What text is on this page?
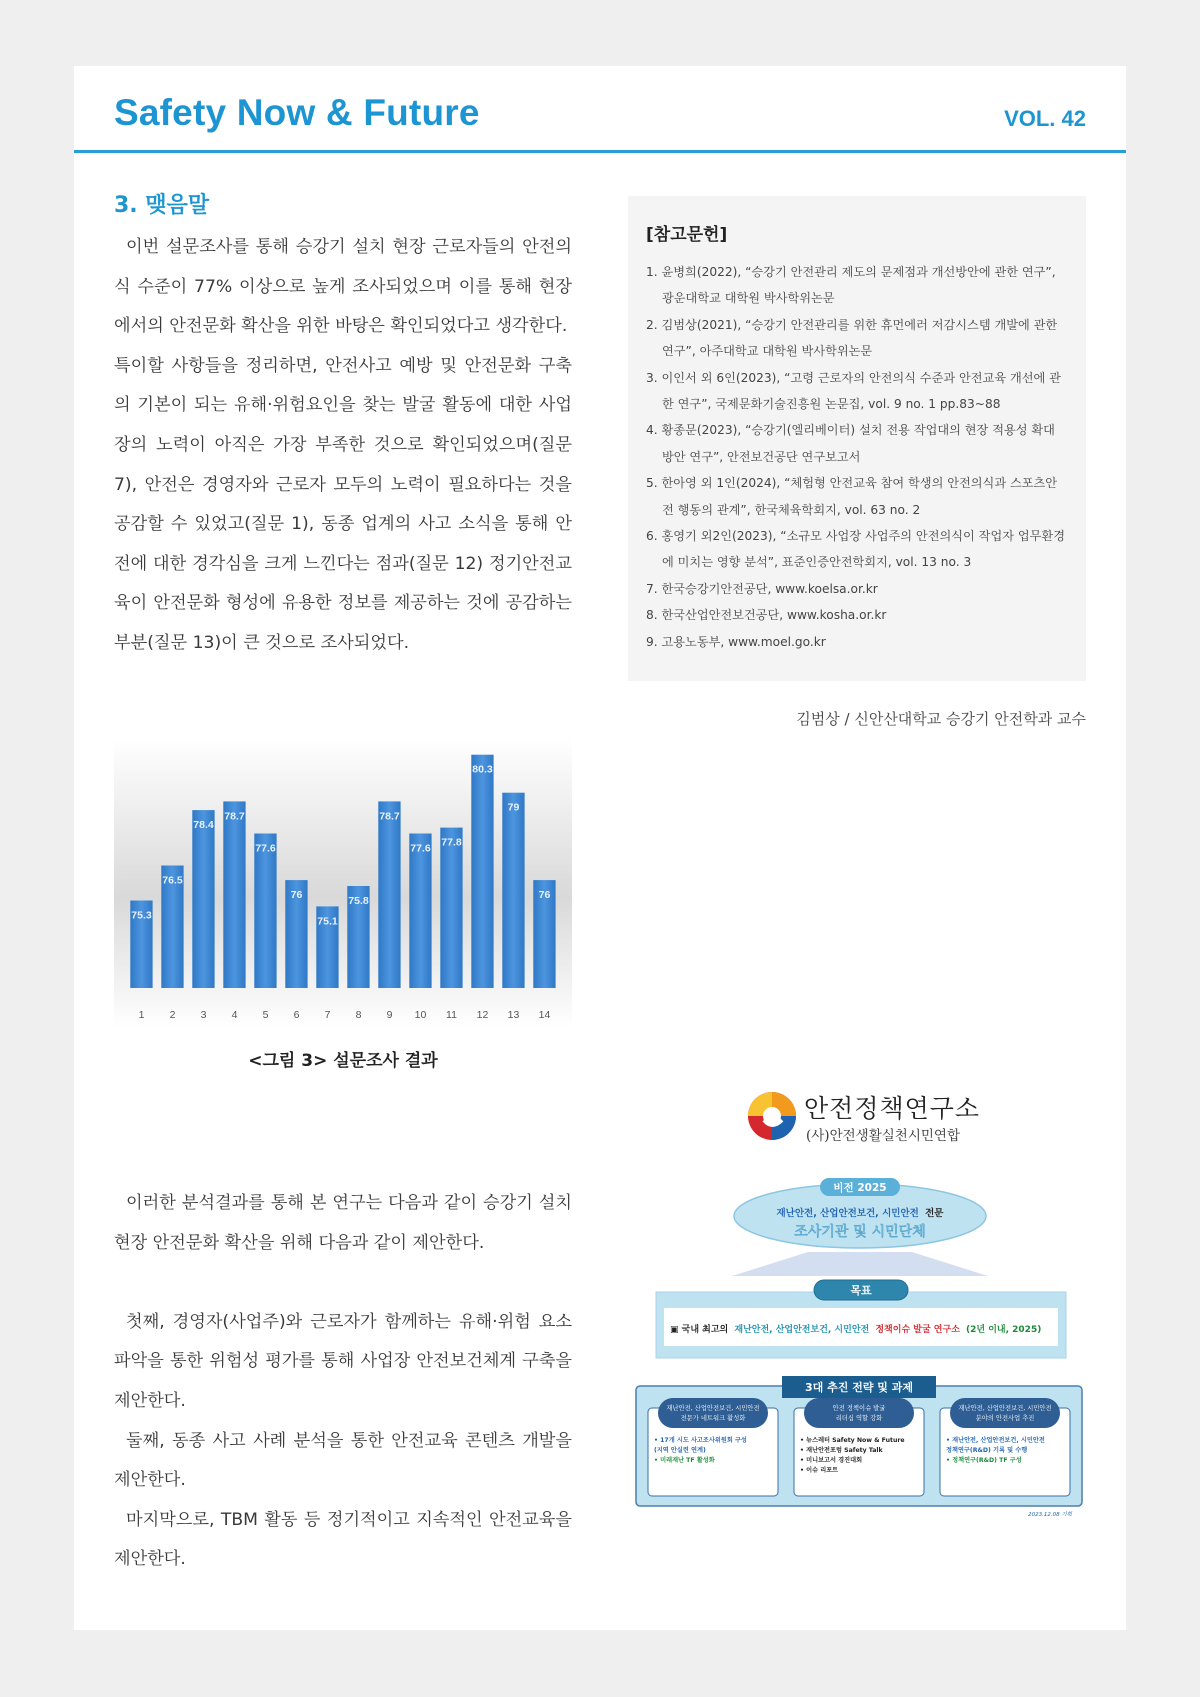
Safety Now & Future	VOL. 42
3. 맺음말

이번 설문조사를 통해 승강기 설치 현장 근로자들의 안전의식 수준이 77% 이상으로 높게 조사되었으며 이를 통해 현장에서의 안전문화 확산을 위한 바탕은 확인되었다고 생각한다.

특이할 사항들을 정리하면, 안전사고 예방 및 안전문화 구축의 기본이 되는 유해·위험요인을 찾는 발굴 활동에 대한 사업장의 노력이 아직은 가장 부족한 것으로 확인되었으며(질문 7), 안전은 경영자와 근로자 모두의 노력이 필요하다는 것을 공감할 수 있었고(질문 1), 동종 업계의 사고 소식을 통해 안전에 대한 경각심을 크게 느낀다는 점과(질문 12) 정기안전교육이 안전문화 형성에 유용한 정보를 제공하는 것에 공감하는 부분(질문 13)이 큰 것으로 조사되었다.

[참고문헌]
1. 윤병희(2022), “승강기 안전관리 제도의 문제점과 개선방안에 관한 연구”, 광운대학교 대학원 박사학위논문
2. 김범상(2021), “승강기 안전관리를 위한 휴먼에러 저감시스템 개발에 관한 연구”, 아주대학교 대학원 박사학위논문
3. 이인서 외 6인(2023), “고령 근로자의 안전의식 수준과 안전교육 개선에 관한 연구”, 국제문화기술진흥원 논문집, vol. 9 no. 1 pp.83~88
4. 황종문(2023), “승강기(엘리베이터) 설치 전용 작업대의 현장 적용성 확대 방안 연구”, 안전보건공단 연구보고서
5. 한아영 외 1인(2024), “체험형 안전교육 참여 학생의 안전의식과 스포츠안전 행동의 관계”, 한국체육학회지, vol. 63 no. 2
6. 홍영기 외2인(2023), “소규모 사업장 사업주의 안전의식이 작업자 업무환경에 미치는 영향 분석”, 표준인증안전학회지, vol. 13 no. 3
7. 한국승강기안전공단, www.koelsa.or.kr
8. 한국산업안전보건공단, www.kosha.or.kr
9. 고용노동부, www.moel.go.kr
김범상 / 신안산대학교 승강기 안전학과 교수
75.3
76.5
78.4
78.7
77.6
76
75.1
75.8
78.7
77.6 77.8
80.3
79
76
1 2 3 4 5 6 7 8 9 10 11 12 13 14
<그림 3> 설문조사 결과

이러한 분석결과를 통해 본 연구는 다음과 같이 승강기 설치 현장 안전문화 확산을 위해 다음과 같이 제안한다.

첫째, 경영자(사업주)와 근로자가 함께하는 유해·위험 요소 파악을 통한 위험성 평가를 통해 사업장 안전보건체계 구축을 제안한다.

둘째, 동종 사고 사례 분석을 통한 안전교육 콘텐츠 개발을 제안한다.

마지막으로, TBM 활동 등 정기적이고 지속적인 안전교육을 제안한다.

안전정책연구소
(사)안전생활실천시민연합
비전 2025
재난안전, 산업안전보건, 시민안전 전문
조사기관 및 시민단체
목표
▣ 국내 최고의 재난안전, 산업안전보건, 시민안전 정책이슈 발굴 연구소 (2년 이내, 2025)
3대 추진 전략 및 과제
재난안전, 산업안전보건, 시민안전
전문가 네트워크 활성화
• 17개 시도 사고조사위원회 구성
(지역 안실련 연계)
• 미래재난 TF 활성화
안전 정책이슈 발굴
리더십 역할 강화
• 뉴스레터 Safety Now & Future
• 재난안전포럼 Safety Talk
• 미니보고서 경진대회
• 이슈 리포트
재난안전, 산업안전보건, 시민안전
분야의 안전사업 추진
• 재난안전, 산업안전보건, 시민안전
정책연구(R&D) 기록 및 수행
• 정책연구(R&D) TF 구성
2023.12.08 기획
